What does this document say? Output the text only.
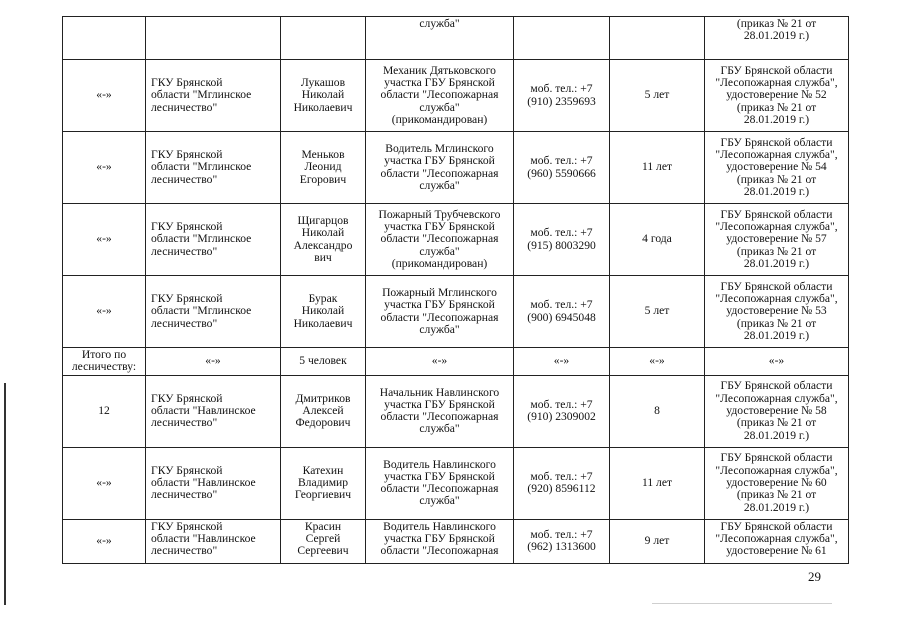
			служба"			(приказ № 21 от
28.01.2019 г.)

«-»	ГКУ Брянской
области "Мглинское
лесничество"	Лукашов
Николай
Николаевич	Механик Дятьковского
участка ГБУ Брянской
области "Лесопожарная
служба"
(прикомандирован)	моб. тел.: +7
(910) 2359693	5 лет	ГБУ Брянской области
"Лесопожарная служба",
удостоверение № 52
(приказ № 21 от
28.01.2019 г.)

«-»	ГКУ Брянской
области "Мглинское
лесничество"	Меньков
Леонид
Егорович	Водитель Мглинского
участка ГБУ Брянской
области "Лесопожарная
служба"	моб. тел.: +7
(960) 5590666	11 лет	ГБУ Брянской области
"Лесопожарная служба",
удостоверение № 54
(приказ № 21 от
28.01.2019 г.)

«-»	ГКУ Брянской
области "Мглинское
лесничество"	Щигарцов
Николай
Александро
вич	Пожарный Трубчевского
участка ГБУ Брянской
области "Лесопожарная
служба"
(прикомандирован)	моб. тел.: +7
(915) 8003290	4 года	ГБУ Брянской области
"Лесопожарная служба",
удостоверение № 57
(приказ № 21 от
28.01.2019 г.)

«-»	ГКУ Брянской
области "Мглинское
лесничество"	Бурак
Николай
Николаевич	Пожарный Мглинского
участка ГБУ Брянской
области "Лесопожарная
служба"	моб. тел.: +7
(900) 6945048	5 лет	ГБУ Брянской области
"Лесопожарная служба",
удостоверение № 53
(приказ № 21 от
28.01.2019 г.)

Итого по
лесничеству:	«-»	5 человек	«-»	«-»	«-»	«-»
12	ГКУ Брянской
области "Навлинское
лесничество"	Дмитриков
Алексей
Федорович	Начальник Навлинского
участка ГБУ Брянской
области "Лесопожарная
служба"	моб. тел.: +7
(910) 2309002	8	ГБУ Брянской области
"Лесопожарная служба",
удостоверение № 58
(приказ № 21 от
28.01.2019 г.)

«-»	ГКУ Брянской
области "Навлинское
лесничество"	Катехин
Владимир
Георгиевич	Водитель Навлинского
участка ГБУ Брянской
области "Лесопожарная
служба"	моб. тел.: +7
(920) 8596112	11 лет	ГБУ Брянской области
"Лесопожарная служба",
удостоверение № 60
(приказ № 21 от
28.01.2019 г.)

«-»	ГКУ Брянской
области "Навлинское
лесничество"	Красин
Сергей
Сергеевич	Водитель Навлинского
участка ГБУ Брянской
области "Лесопожарная	моб. тел.: +7
(962) 1313600	9 лет	ГБУ Брянской области
"Лесопожарная служба",
удостоверение № 61
29
